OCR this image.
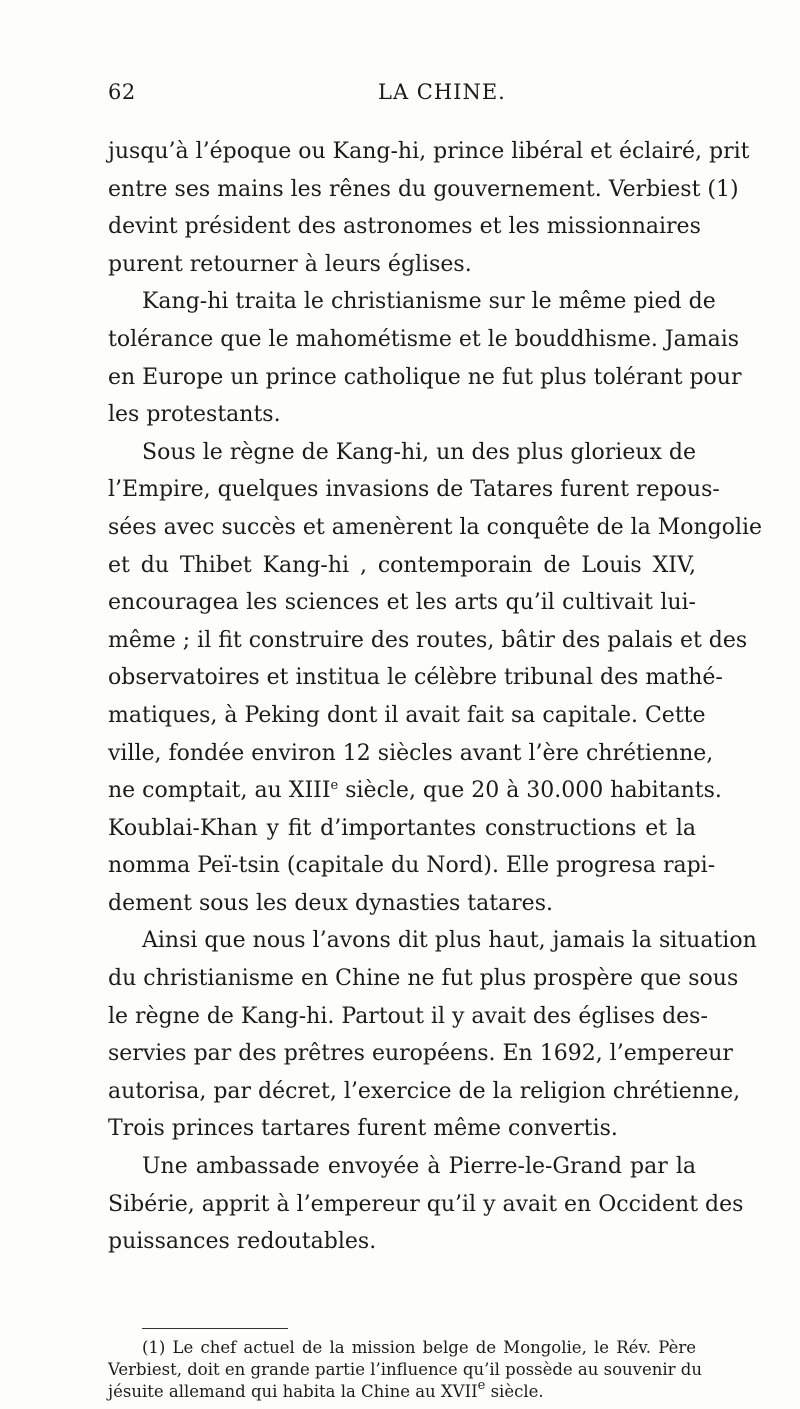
62	LA CHINE.
jusqu’à l’époque ou Kang-hi, prince libéral et éclairé, prit
entre ses mains les rênes du gouvernement. Verbiest (1)
devint président des astronomes et les missionnaires
purent retourner à leurs églises.
Kang-hi traita le christianisme sur le même pied de
tolérance que le mahométisme et le bouddhisme. Jamais
en Europe un prince catholique ne fut plus tolérant pour
les protestants.
Sous le règne de Kang-hi, un des plus glorieux de
l’Empire, quelques invasions de Tatares furent repous-
sées avec succès et amenèrent la conquête de la Mongolie
et du Thibet Kang-hi , contemporain de Louis XIV,
encouragea les sciences et les arts qu’il cultivait lui-
même ; il fit construire des routes, bâtir des palais et des
observatoires et institua le célèbre tribunal des mathé-
matiques, à Peking dont il avait fait sa capitale. Cette
ville, fondée environ 12 siècles avant l’ère chrétienne,
ne comptait, au XIIIe siècle, que 20 à 30.000 habitants.
Koublai-Khan y fit d’importantes constructions et la
nomma Peï-tsin (capitale du Nord). Elle progresa rapi-
dement sous les deux dynasties tatares.
Ainsi que nous l’avons dit plus haut, jamais la situation
du christianisme en Chine ne fut plus prospère que sous
le règne de Kang-hi. Partout il y avait des églises des-
servies par des prêtres européens. En 1692, l’empereur
autorisa, par décret, l’exercice de la religion chrétienne,
Trois princes tartares furent même convertis.
Une ambassade envoyée à Pierre-le-Grand par la
Sibérie, apprit à l’empereur qu’il y avait en Occident des
puissances redoutables.
(1) Le chef actuel de la mission belge de Mongolie, le Rév. Père
Verbiest, doit en grande partie l’influence qu’il possède au souvenir du
jésuite allemand qui habita la Chine au XVIIe siècle.
